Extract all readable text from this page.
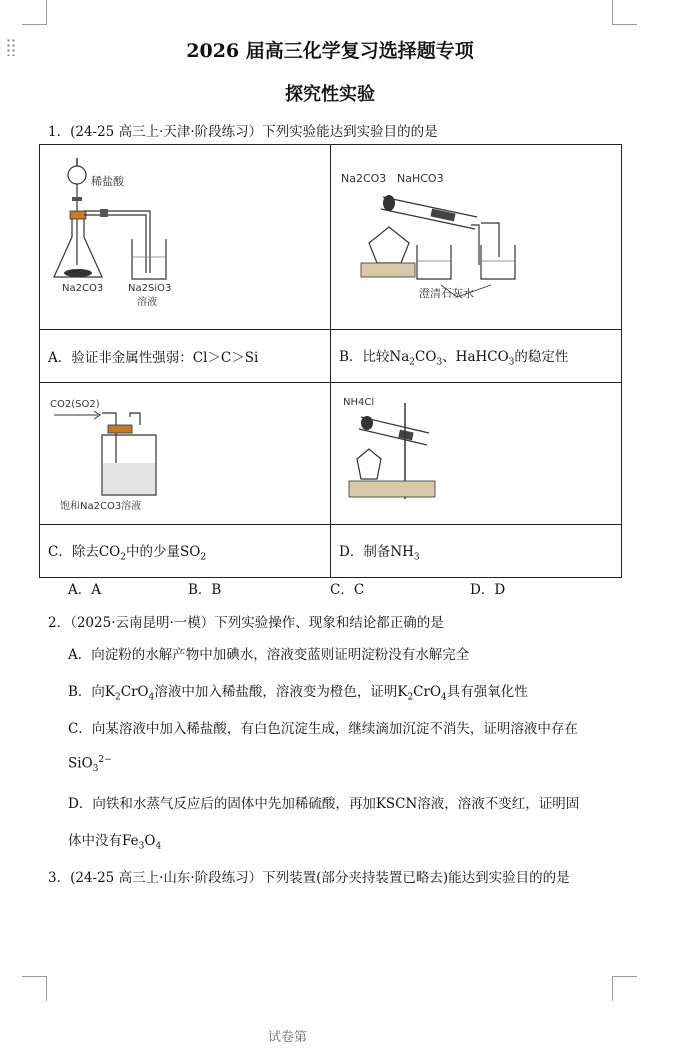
2026 届高三化学复习选择题专项
探究性实验
1．(24-25 高三上·天津·阶段练习）下列实验能达到实验目的的是
稀盐酸
Na2CO3 Na2SiO3
溶液	Na2CO3 NaHCO3
澄清石灰水

A．验证非金属性强弱：Cl＞C＞Si	B．比较$Na_2CO_3$、HaHCO$_3$的稳定性

CO2(SO2)
饱和Na2CO3溶液	NH4Cl

C．除去$CO_2$中的少量$SO_2$	D．制备$NH_3$
A．A	B．B	C．C	D．D
2．（2025·云南昆明·一模）下列实验操作、现象和结论都正确的是
A．向淀粉的水解产物中加碘水，溶液变蓝则证明淀粉没有水解完全
B．向$K_2CrO_4$溶液中加入稀盐酸，溶液变为橙色，证明$K_2CrO_4$具有强氧化性
C．向某溶液中加入稀盐酸，有白色沉淀生成，继续滴加沉淀不消失，证明溶液中存在
SiO$_3^{2-}$
D．向铁和水蒸气反应后的固体中先加稀硫酸，再加KSCN溶液，溶液不变红，证明固
体中没有$Fe_3O_4$
3．(24-25 高三上·山东·阶段练习）下列装置(部分夹持装置已略去)能达到实验目的的是
试卷第
